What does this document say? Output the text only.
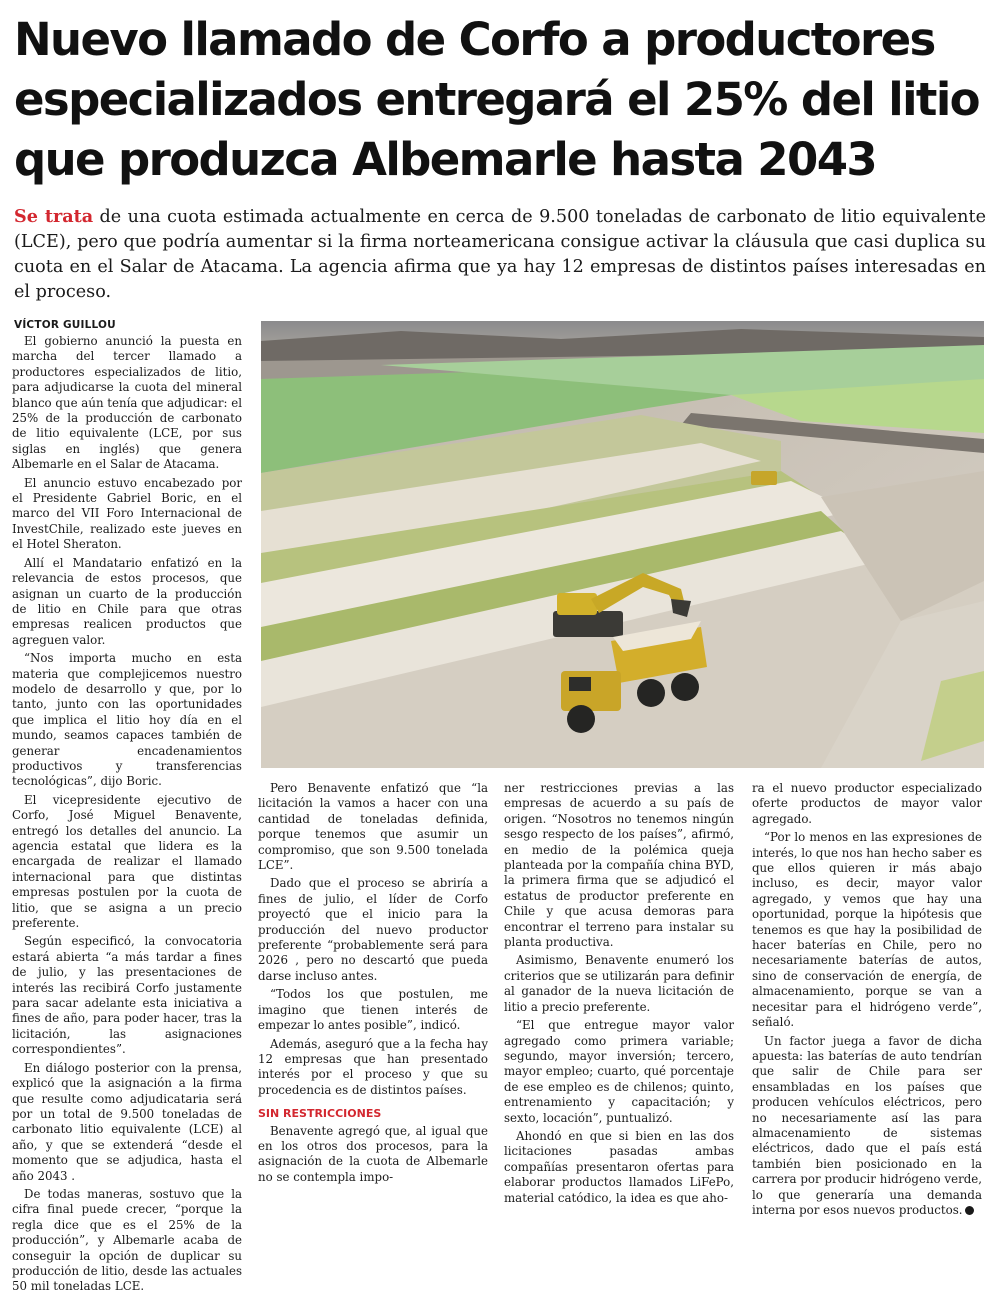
Nuevo llamado de Corfo a productores especializados entregará el 25% del litio que produzca Albemarle hasta 2043

Se trata de una cuota estimada actualmente en cerca de 9.500 toneladas de carbonato de litio equivalente (LCE), pero que podría aumentar si la firma norteamericana consigue activar la cláusula que casi duplica su cuota en el Salar de Atacama. La agencia afirma que ya hay 12 empresas de distintos países interesadas en el proceso.

VÍCTOR GUILLOU

El gobierno anunció la puesta en marcha del tercer llamado a productores especializados de litio, para adjudicarse la cuota del mineral blanco que aún tenía que adjudicar: el 25% de la producción de carbonato de litio equivalente (LCE, por sus siglas en inglés) que genera Albemarle en el Salar de Atacama.

El anuncio estuvo encabezado por el Presidente Gabriel Boric, en el marco del VII Foro Internacional de InvestChile, realizado este jueves en el Hotel Sheraton.

Allí el Mandatario enfatizó en la relevancia de estos procesos, que asignan un cuarto de la producción de litio en Chile para que otras empresas realicen productos que agreguen valor.

“Nos importa mucho en esta materia que complejicemos nuestro modelo de desarrollo y que, por lo tanto, junto con las oportunidades que implica el litio hoy día en el mundo, seamos capaces también de generar encadenamientos productivos y transferencias tecnológicas”, dijo Boric.

El vicepresidente ejecutivo de Corfo, José Miguel Benavente, entregó los detalles del anuncio. La agencia estatal que lidera es la encargada de realizar el llamado internacional para que distintas empresas postulen por la cuota de litio, que se asigna a un precio preferente.

Según especificó, la convocatoria estará abierta “a más tardar a fines de julio, y las presentaciones de interés las recibirá Corfo justamente para sacar adelante esta iniciativa a fines de año, para poder hacer, tras la licitación, las asignaciones correspondientes”.

En diálogo posterior con la prensa, explicó que la asignación a la firma que resulte como adjudicataria será por un total de 9.500 toneladas de carbonato litio equivalente (LCE) al año, y que se extenderá “desde el momento que se adjudica, hasta el año 2043 .

De todas maneras, sostuvo que la cifra final puede crecer, “porque la regla dice que es el 25% de la producción”, y Albemarle acaba de conseguir la opción de duplicar su producción de litio, desde las actuales 50 mil toneladas LCE.

Pero Benavente enfatizó que “la licitación la vamos a hacer con una cantidad de toneladas definida, porque tenemos que asumir un compromiso, que son 9.500 tonelada LCE”.

Dado que el proceso se abriría a fines de julio, el líder de Corfo proyectó que el inicio para la producción del nuevo productor preferente “probablemente será para 2026 , pero no descartó que pueda darse incluso antes.

“Todos los que postulen, me imagino que tienen interés de empezar lo antes posible”, indicó.

Además, aseguró que a la fecha hay 12 empresas que han presentado interés por el proceso y que su procedencia es de distintos países.

SIN RESTRICCIONES

Benavente agregó que, al igual que en los otros dos procesos, para la asignación de la cuota de Albemarle no se contempla impo-

ner restricciones previas a las empresas de acuerdo a su país de origen. “Nosotros no tenemos ningún sesgo respecto de los países”, afirmó, en medio de la polémica queja planteada por la compañía china BYD, la primera firma que se adjudicó el estatus de productor preferente en Chile y que acusa demoras para encontrar el terreno para instalar su planta productiva.

Asimismo, Benavente enumeró los criterios que se utilizarán para definir al ganador de la nueva licitación de litio a precio preferente.

“El que entregue mayor valor agregado como primera variable; segundo, mayor inversión; tercero, mayor empleo; cuarto, qué porcentaje de ese empleo es de chilenos; quinto, entrenamiento y capacitación; y sexto, locación”, puntualizó.

Ahondó en que si bien en las dos licitaciones pasadas ambas compañías presentaron ofertas para elaborar productos llamados LiFePo, material catódico, la idea es que aho-

ra el nuevo productor especializado oferte productos de mayor valor agregado.

“Por lo menos en las expresiones de interés, lo que nos han hecho saber es que ellos quieren ir más abajo incluso, es decir, mayor valor agregado, y vemos que hay una oportunidad, porque la hipótesis que tenemos es que hay la posibilidad de hacer baterías en Chile, pero no necesariamente baterías de autos, sino de conservación de energía, de almacenamiento, porque se van a necesitar para el hidrógeno verde”, señaló.

Un factor juega a favor de dicha apuesta: las baterías de auto tendrían que salir de Chile para ser ensambladas en los países que producen vehículos eléctricos, pero no necesariamente así las para almacenamiento de sistemas eléctricos, dado que el país está también bien posicionado en la carrera por producir hidrógeno verde, lo que generaría una demanda interna por esos nuevos productos.
